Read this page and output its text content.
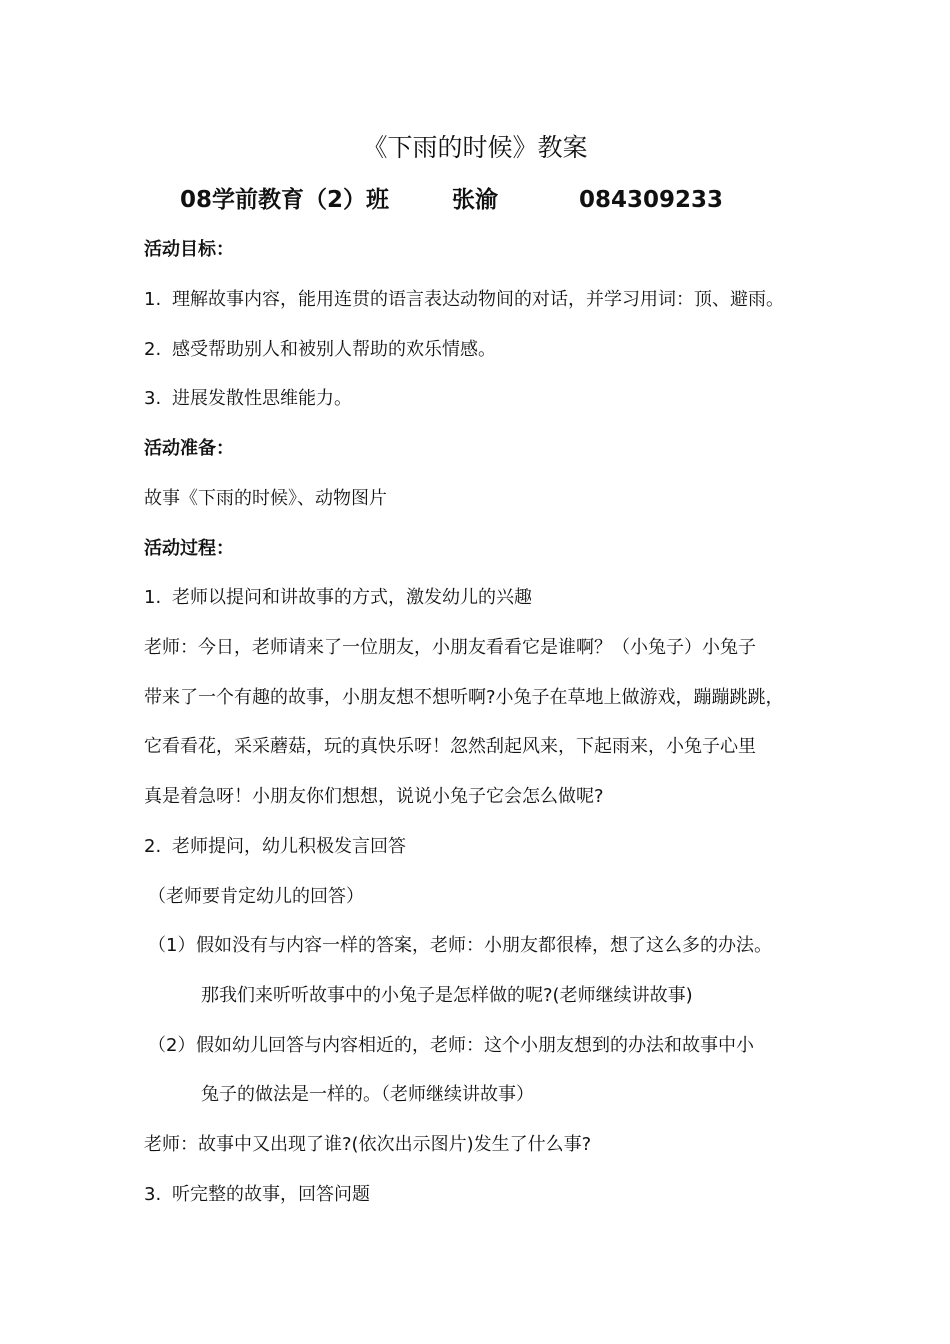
《下雨的时候》教案
08学前教育（2）班	张渝	084309233
活动目标：
1. 理解故事内容，能用连贯的语言表达动物间的对话，并学习用词：顶、避雨。
2. 感受帮助别人和被别人帮助的欢乐情感。
3. 进展发散性思维能力。
活动准备：
故事《下雨的时候》、动物图片
活动过程：
1. 老师以提问和讲故事的方式，激发幼儿的兴趣
老师：今日，老师请来了一位朋友，小朋友看看它是谁啊？（小兔子）小兔子
带来了一个有趣的故事，小朋友想不想听啊?小兔子在草地上做游戏，蹦蹦跳跳，
它看看花，采采蘑菇，玩的真快乐呀！忽然刮起风来，下起雨来，小兔子心里
真是着急呀！小朋友你们想想，说说小兔子它会怎么做呢?
2. 老师提问，幼儿积极发言回答
（老师要肯定幼儿的回答）
（1）假如没有与内容一样的答案，老师：小朋友都很棒，想了这么多的办法。
那我们来听听故事中的小兔子是怎样做的呢?(老师继续讲故事)
（2）假如幼儿回答与内容相近的，老师：这个小朋友想到的办法和故事中小
兔子的做法是一样的。（老师继续讲故事）
老师：故事中又出现了谁?(依次出示图片)发生了什么事?
3. 听完整的故事，回答问题
